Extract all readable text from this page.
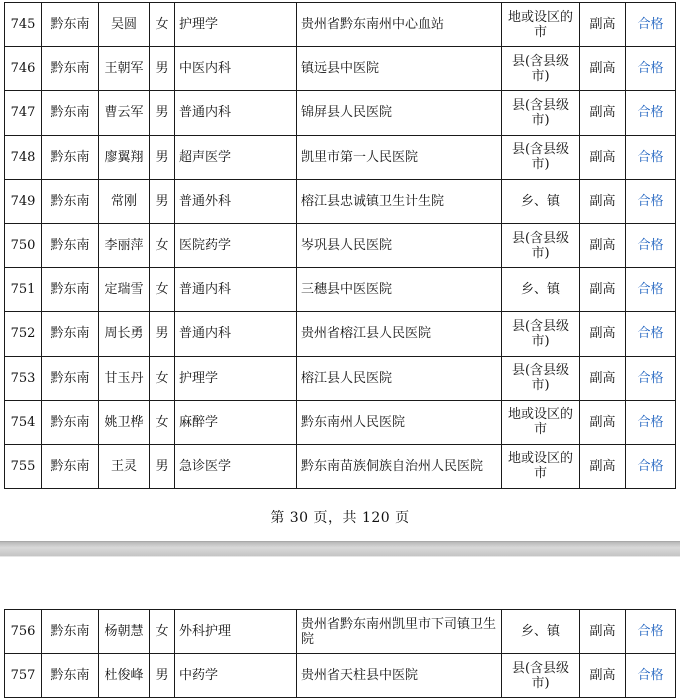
745	黔东南	吴圆	女	护理学	贵州省黔东南州中心血站	地或设区的市	副高	合格
746	黔东南	王朝军	男	中医内科	镇远县中医院	县(含县级市)	副高	合格
747	黔东南	曹云军	男	普通内科	锦屏县人民医院	县(含县级市)	副高	合格
748	黔东南	廖翼翔	男	超声医学	凯里市第一人民医院	县(含县级市)	副高	合格
749	黔东南	常刚	男	普通外科	榕江县忠诚镇卫生计生院	乡、镇	副高	合格
750	黔东南	李丽萍	女	医院药学	岑巩县人民医院	县(含县级市)	副高	合格
751	黔东南	定瑞雪	女	普通内科	三穗县中医医院	乡、镇	副高	合格
752	黔东南	周长勇	男	普通内科	贵州省榕江县人民医院	县(含县级市)	副高	合格
753	黔东南	甘玉丹	女	护理学	榕江县人民医院	县(含县级市)	副高	合格
754	黔东南	姚卫桦	女	麻醉学	黔东南州人民医院	地或设区的市	副高	合格
755	黔东南	王灵	男	急诊医学	黔东南苗族侗族自治州人民医院	地或设区的市	副高	合格
第 30 页，共 120 页
756	黔东南	杨朝慧	女	外科护理	贵州省黔东南州凯里市下司镇卫生院	乡、镇	副高	合格
757	黔东南	杜俊峰	男	中药学	贵州省天柱县中医院	县(含县级市)	副高	合格
